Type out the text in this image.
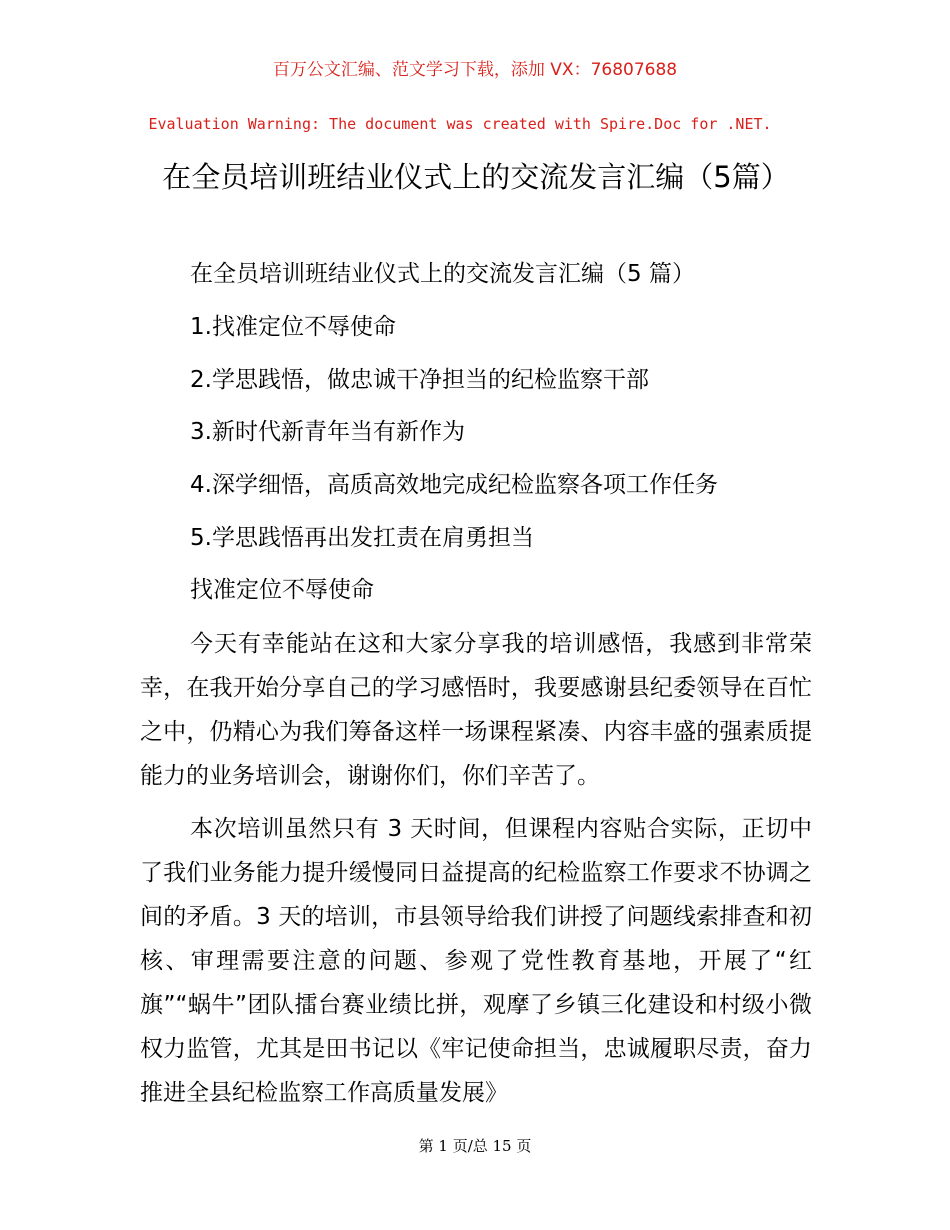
百万公文汇编、范文学习下载，添加 VX：76807688
Evaluation Warning: The document was created with Spire.Doc for .NET.
在全员培训班结业仪式上的交流发言汇编（5篇）
在全员培训班结业仪式上的交流发言汇编（5 篇）
1.找准定位不辱使命
2.学思践悟，做忠诚干净担当的纪检监察干部
3.新时代新青年当有新作为
4.深学细悟，高质高效地完成纪检监察各项工作任务
5.学思践悟再出发扛责在肩勇担当
找准定位不辱使命
今天有幸能站在这和大家分享我的培训感悟，我感到非常荣幸，在我开始分享自己的学习感悟时，我要感谢县纪委领导在百忙之中，仍精心为我们筹备这样一场课程紧凑、内容丰盛的强素质提能力的业务培训会，谢谢你们，你们辛苦了。
本次培训虽然只有 3 天时间，但课程内容贴合实际，正切中了我们业务能力提升缓慢同日益提高的纪检监察工作要求不协调之间的矛盾。3 天的培训，市县领导给我们讲授了问题线索排查和初核、审理需要注意的问题、参观了党性教育基地，开展了“红旗”“蜗牛”团队擂台赛业绩比拼，观摩了乡镇三化建设和村级小微权力监管，尤其是田书记以《牢记使命担当，忠诚履职尽责，奋力推进全县纪检监察工作高质量发展》
第 1 页/总 15 页
